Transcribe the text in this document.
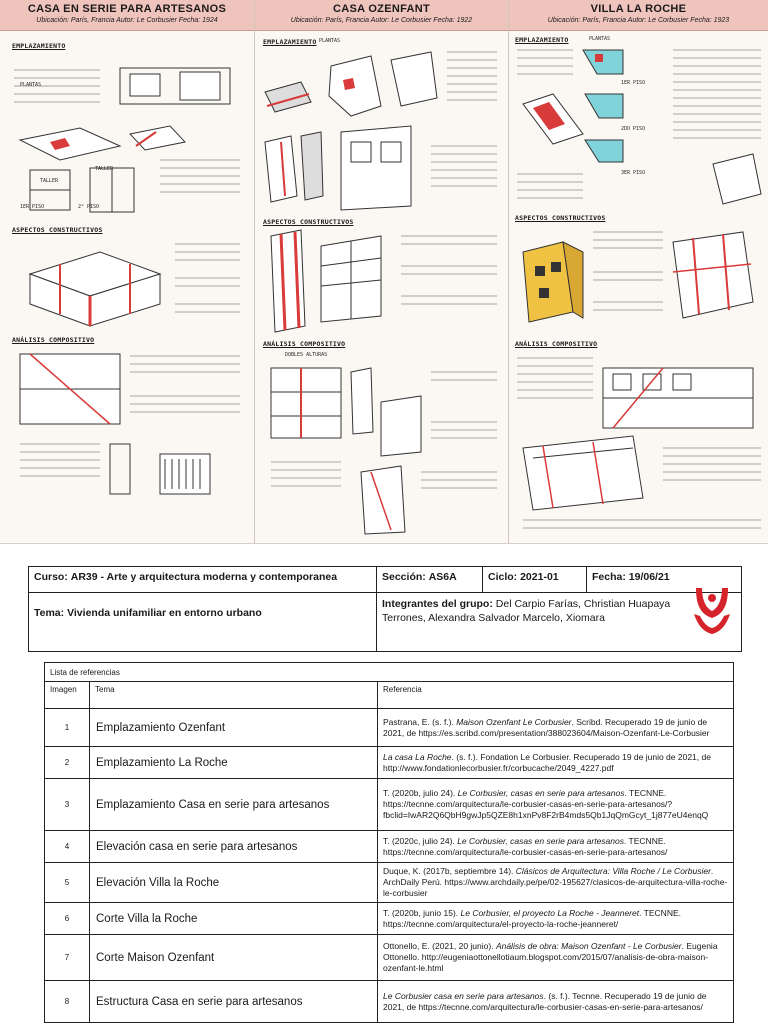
CASA EN SERIE PARA ARTESANOS
Ubicación: París, Francia Autor: Le Corbusier Fecha: 1924
EMPLAZAMIENTO
PLANTAS
1ER PISO	2° PISO
TALLER
TALLER
ASPECTOS CONSTRUCTIVOS
ANÁLISIS COMPOSITIVO
CASA OZENFANT
Ubicación: París, Francia Autor: Le Corbusier Fecha: 1922
EMPLAZAMIENTO PLANTAS
ASPECTOS CONSTRUCTIVOS
ANÁLISIS COMPOSITIVO
DOBLES ALTURAS
VILLA LA ROCHE
Ubicación: París, Francia Autor: Le Corbusier Fecha: 1923
EMPLAZAMIENTO	PLANTAS
1ER PISO
2DO PISO
3ER PISO
ASPECTOS CONSTRUCTIVOS
ANÁLISIS COMPOSITIVO
Curso: AR39 - Arte y arquitectura moderna y contemporanea	Sección: AS6A	Ciclo: 2021-01	Fecha: 19/06/21
Tema: Vivienda unifamiliar en entorno urbano
Integrantes del grupo: Del Carpio Farías, Christian Huapaya Terrones, Alexandra Salvador Marcelo, Xiomara
Lista de referencias		
Imagen	Tema	Referencia
1	Emplazamiento Ozenfant	Pastrana, E. (s. f.). Maison Ozenfant Le Corbusier. Scribd. Recuperado 19 de junio de 2021, de https://es.scribd.com/presentation/388023604/Maison-Ozenfant-Le-Corbusier
2	Emplazamiento La Roche	La casa La Roche. (s. f.). Fondation Le Corbusier. Recuperado 19 de junio de 2021, de http://www.fondationlecorbusier.fr/corbucache/2049_4227.pdf
3	Emplazamiento Casa en serie para artesanos	T. (2020b, julio 24). Le Corbusier, casas en serie para artesanos. TECNNE. https://tecnne.com/arquitectura/le-corbusier-casas-en-serie-para-artesanos/?fbclid=IwAR2Q6QbH9gwJp5QZE8h1xnPv8F2rB4mds5Qb1JqQmGcyt_1j877eU4enqQ
4	Elevación casa en serie para artesanos	T. (2020c, julio 24). Le Corbusier, casas en serie para artesanos. TECNNE. https://tecnne.com/arquitectura/le-corbusier-casas-en-serie-para-artesanos/
5	Elevación Villa la Roche	Duque, K. (2017b, septiembre 14). Clásicos de Arquitectura: Villa Roche / Le Corbusier. ArchDaily Perú. https://www.archdaily.pe/pe/02-195627/clasicos-de-arquitectura-villa-roche-le-corbusier
6	Corte Villa la Roche	T. (2020b, junio 15). Le Corbusier, el proyecto La Roche - Jeanneret. TECNNE. https://tecnne.com/arquitectura/el-proyecto-la-roche-jeanneret/
7	Corte Maison Ozenfant	Ottonello, E. (2021, 20 junio). Análisis de obra: Maison Ozenfant - Le Corbusier. Eugenia Ottonello. http://eugeniaottonellotiaum.blogspot.com/2015/07/analisis-de-obra-maison-ozenfant-le.html
8	Estructura Casa en serie para artesanos	Le Corbusier casa en serie para artesanos. (s. f.). Tecnne. Recuperado 19 de junio de 2021, de https://tecnne.com/arquitectura/le-corbusier-casas-en-serie-para-artesanos/
